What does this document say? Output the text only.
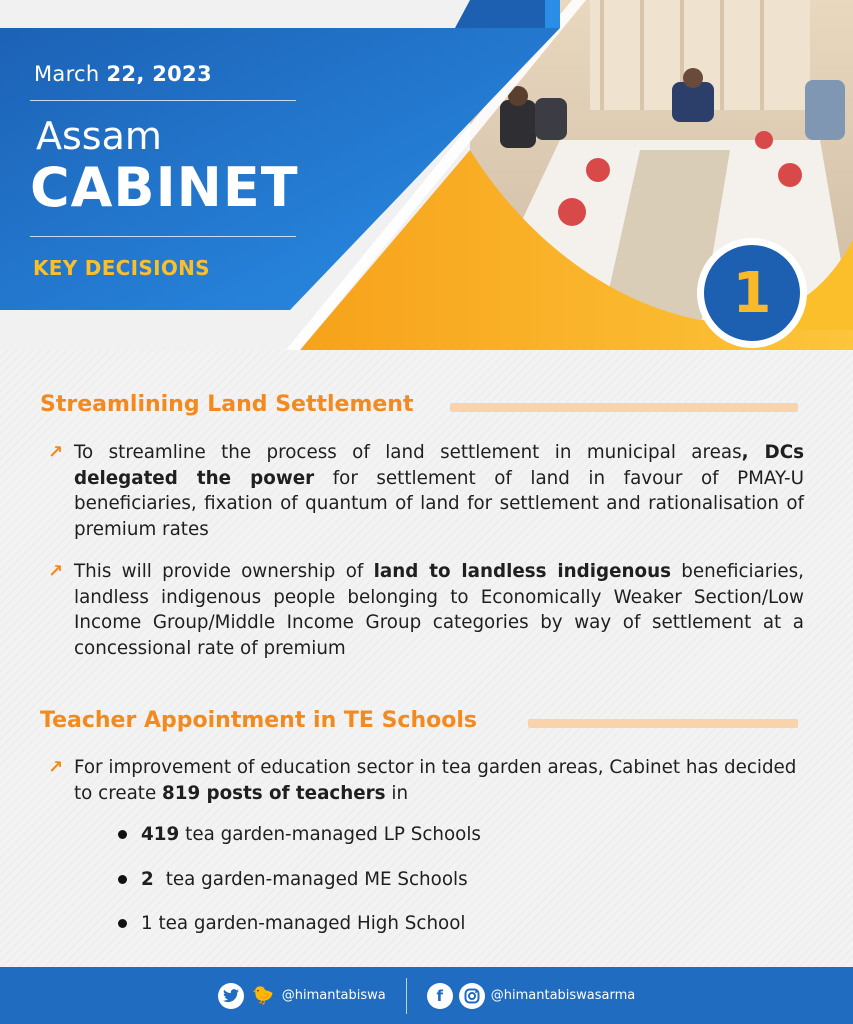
March 22, 2023
Assam
CABINET
KEY DECISIONS	1
Streamlining Land Settlement
↗ To streamline the process of land settlement in municipal areas, DCs delegated the power for settlement of land in favour of PMAY-U beneficiaries, fixation of quantum of land for settlement and rationalisation of premium rates

↗ This will provide ownership of land to landless indigenous beneficiaries, landless indigenous people belonging to Economically Weaker Section/Low Income Group/Middle Income Group categories by way of settlement at a concessional rate of premium

Teacher Appointment in TE Schools
↗ For improvement of education sector in tea garden areas, Cabinet has decided to create 819 posts of teachers in

419 tea garden-managed LP Schools
2 tea garden-managed ME Schools
1 tea garden-managed High School
🐤 @himantabiswa	f	@himantabiswasarma
